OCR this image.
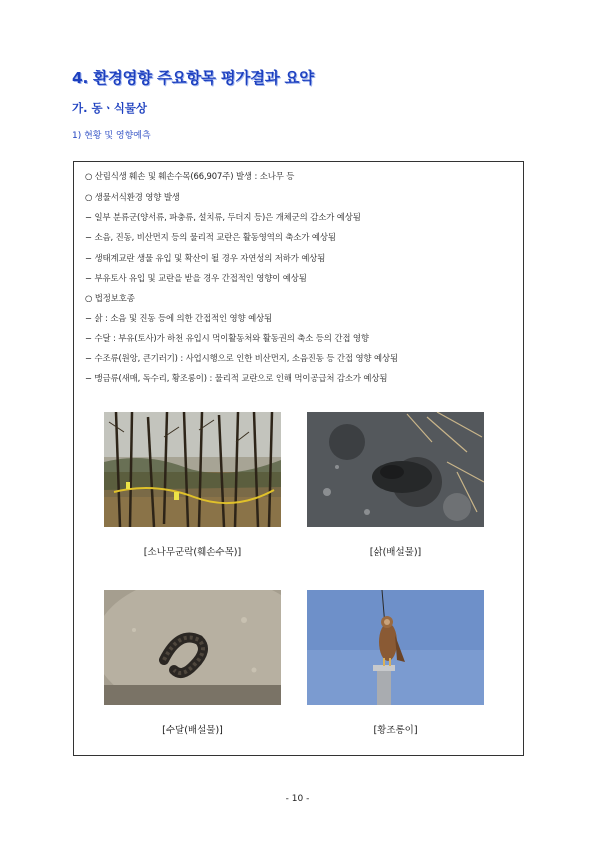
4. 환경영향 주요항목 평가결과 요약
가. 동ㆍ식물상
1) 현황 및 영향예측
○ 산림식생 훼손 및 훼손수목(66,907주) 발생 : 소나무 등
○ 생물서식환경 영향 발생
− 일부 분류군(양서류, 파충류, 설치류, 두더지 등)은 개체군의 감소가 예상됨
− 소음, 진동, 비산먼지 등의 물리적 교란은 활동영역의 축소가 예상됨
− 생태계교란 생물 유입 및 확산이 될 경우 자연성의 저하가 예상됨
− 부유토사 유입 및 교란을 받을 경우 간접적인 영향이 예상됨
○ 법정보호종
− 삵 : 소음 및 진동 등에 의한 간접적인 영향 예상됨
− 수달 : 부유(토사)가 하천 유입시 먹이활동처와 활동권의 축소 등의 간접 영향
− 수조류(원앙, 큰기러기) : 사업시행으로 인한 비산먼지, 소음진동 등 간접 영향 예상됨
− 맹금류(새매, 독수리, 황조롱이) : 물리적 교란으로 인해 먹이공급처 감소가 예상됨
[소나무군락(훼손수목)]	[삵(배설물)]
[수달(배설물)]	[황조롱이]
- 10 -
